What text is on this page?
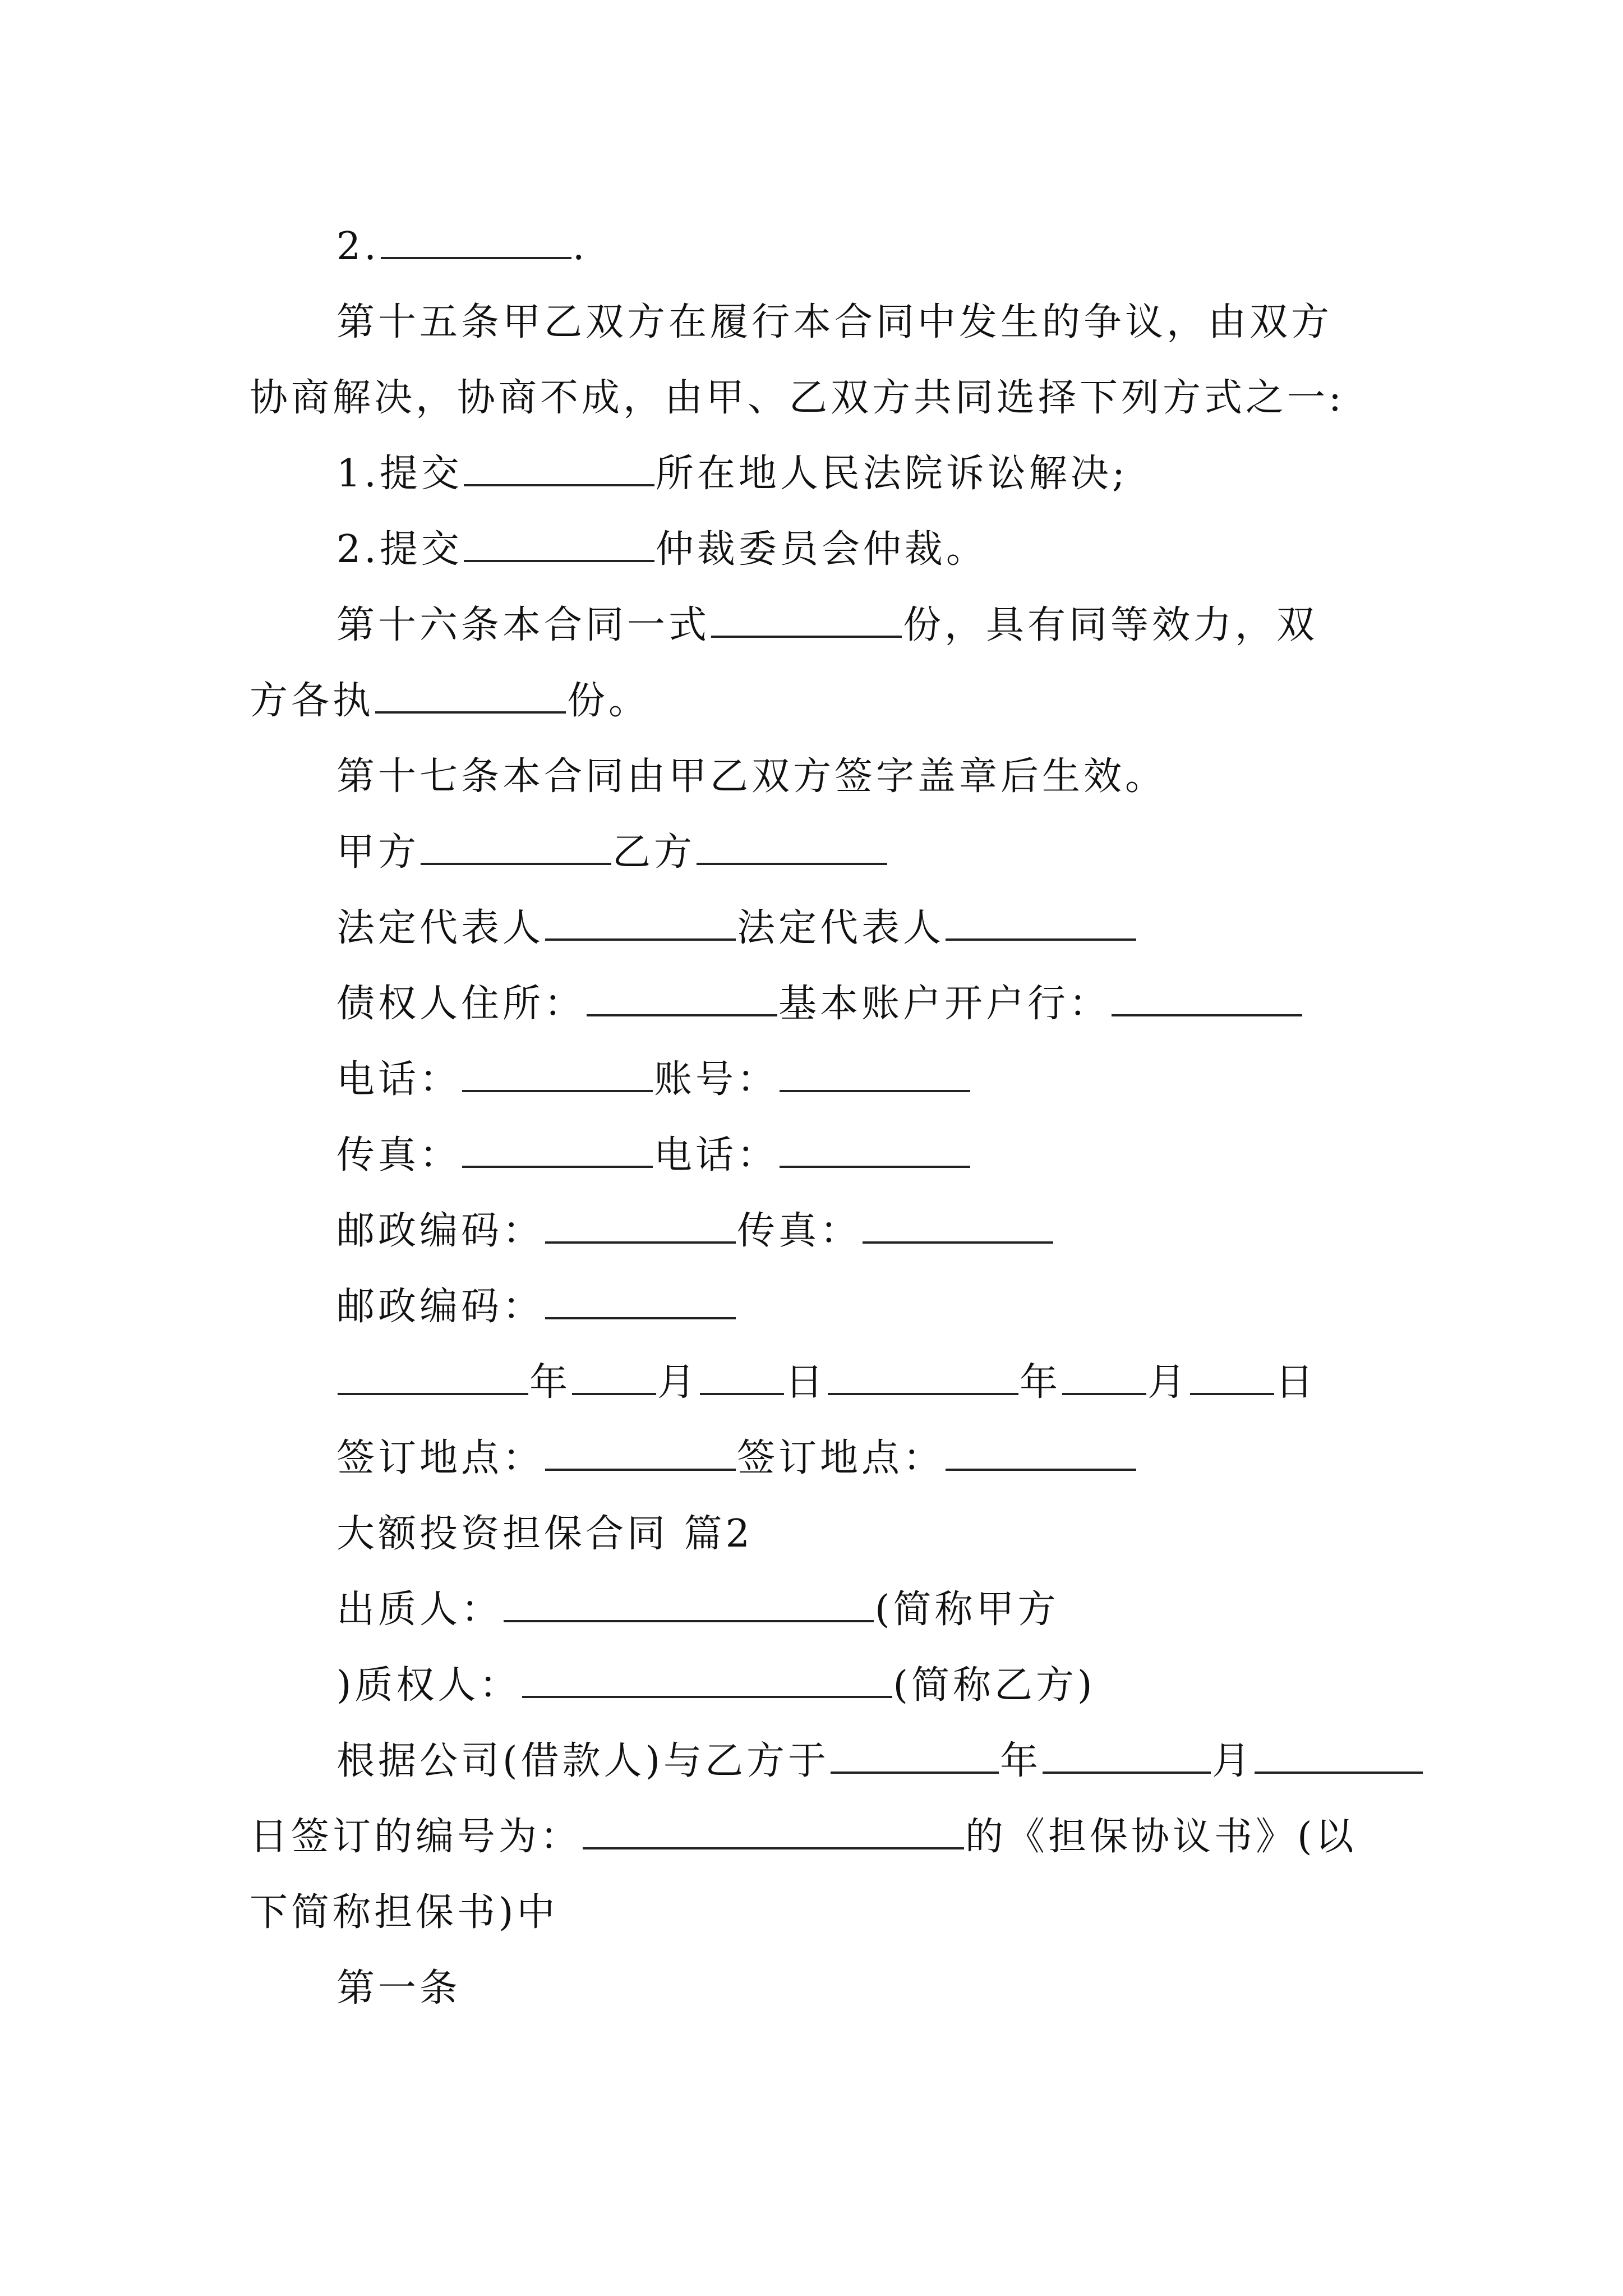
2.	.
第十五条甲乙双方在履行本合同中发生的争议，由双方
协商解决，协商不成，由甲、乙双方共同选择下列方式之一:
1.提交	所在地人民法院诉讼解决;
2.提交	仲裁委员会仲裁。
第十六条本合同一式	份，具有同等效力，双
方各执	份。
第十七条本合同由甲乙双方签字盖章后生效。
甲方	乙方
法定代表人	法定代表人
债权人住所：	基本账户开户行：
电话：	账号：
传真：	电话：
邮政编码：	传真：
邮政编码：
年 月 日	年 月 日
签订地点：	签订地点：
大额投资担保合同 篇2
出质人：	(简称甲方
)质权人：	(简称乙方)
根据公司(借款人)与乙方于	年	月
日签订的编号为：	的《担保协议书》(以
下简称担保书)中
第一条
